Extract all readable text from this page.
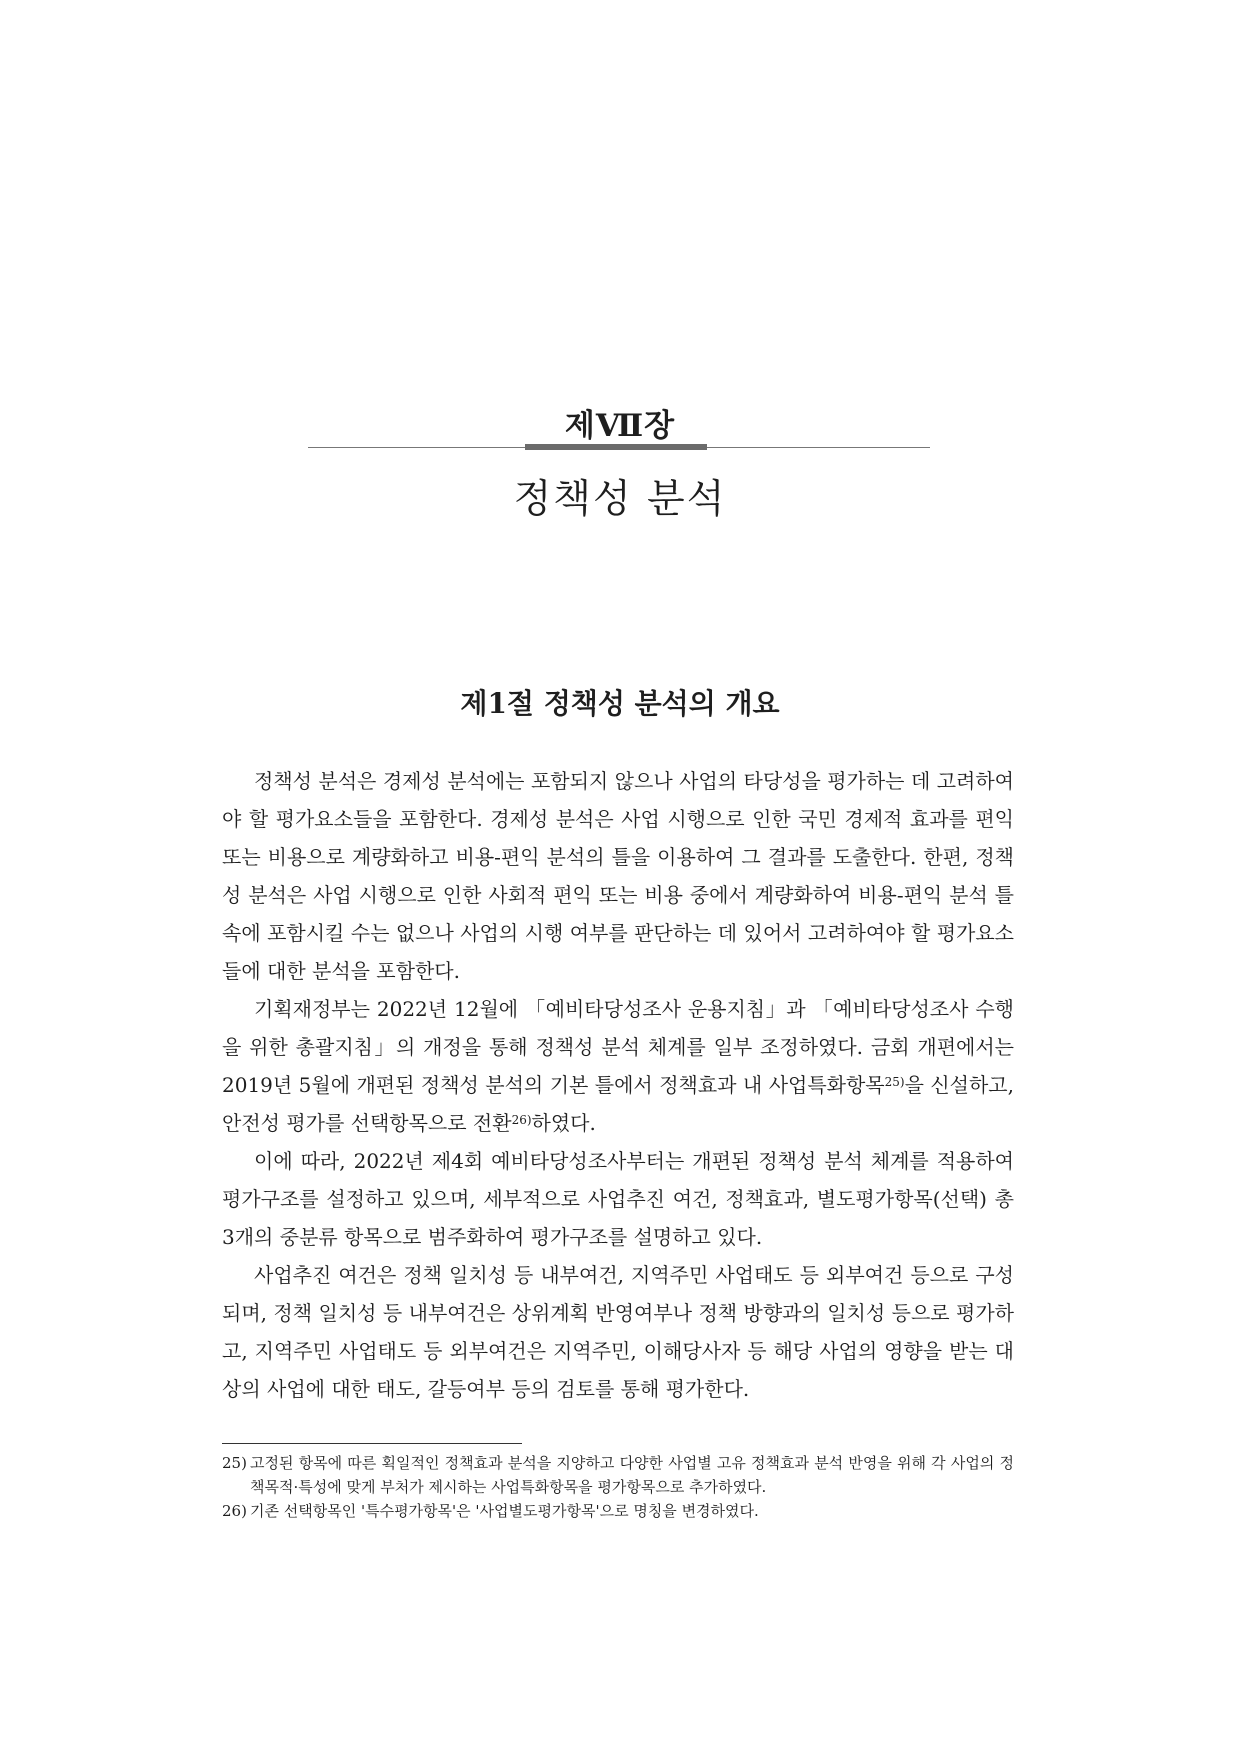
제Ⅶ장
정책성 분석
제1절 정책성 분석의 개요

정책성 분석은 경제성 분석에는 포함되지 않으나 사업의 타당성을 평가하는 데 고려하여야 할 평가요소들을 포함한다. 경제성 분석은 사업 시행으로 인한 국민 경제적 효과를 편익 또는 비용으로 계량화하고 비용-편익 분석의 틀을 이용하여 그 결과를 도출한다. 한편, 정책성 분석은 사업 시행으로 인한 사회적 편익 또는 비용 중에서 계량화하여 비용-편익 분석 틀 속에 포함시킬 수는 없으나 사업의 시행 여부를 판단하는 데 있어서 고려하여야 할 평가요소들에 대한 분석을 포함한다.

기획재정부는 2022년 12월에 「예비타당성조사 운용지침」과 「예비타당성조사 수행을 위한 총괄지침」의 개정을 통해 정책성 분석 체계를 일부 조정하였다. 금회 개편에서는 2019년 5월에 개편된 정책성 분석의 기본 틀에서 정책효과 내 사업특화항목$^{25)}$을 신설하고, 안전성 평가를 선택항목으로 전환$^{26)}$하였다.

이에 따라, 2022년 제4회 예비타당성조사부터는 개편된 정책성 분석 체계를 적용하여 평가구조를 설정하고 있으며, 세부적으로 사업추진 여건, 정책효과, 별도평가항목(선택) 총 3개의 중분류 항목으로 범주화하여 평가구조를 설명하고 있다.

사업추진 여건은 정책 일치성 등 내부여건, 지역주민 사업태도 등 외부여건 등으로 구성되며, 정책 일치성 등 내부여건은 상위계획 반영여부나 정책 방향과의 일치성 등으로 평가하고, 지역주민 사업태도 등 외부여건은 지역주민, 이해당사자 등 해당 사업의 영향을 받는 대상의 사업에 대한 태도, 갈등여부 등의 검토를 통해 평가한다.

25) 고정된 항목에 따른 획일적인 정책효과 분석을 지양하고 다양한 사업별 고유 정책효과 분석 반영을 위해 각 사업의 정책목적·특성에 맞게 부처가 제시하는 사업특화항목을 평가항목으로 추가하였다.
26) 기존 선택항목인 '특수평가항목'은 '사업별도평가항목'으로 명칭을 변경하였다.
